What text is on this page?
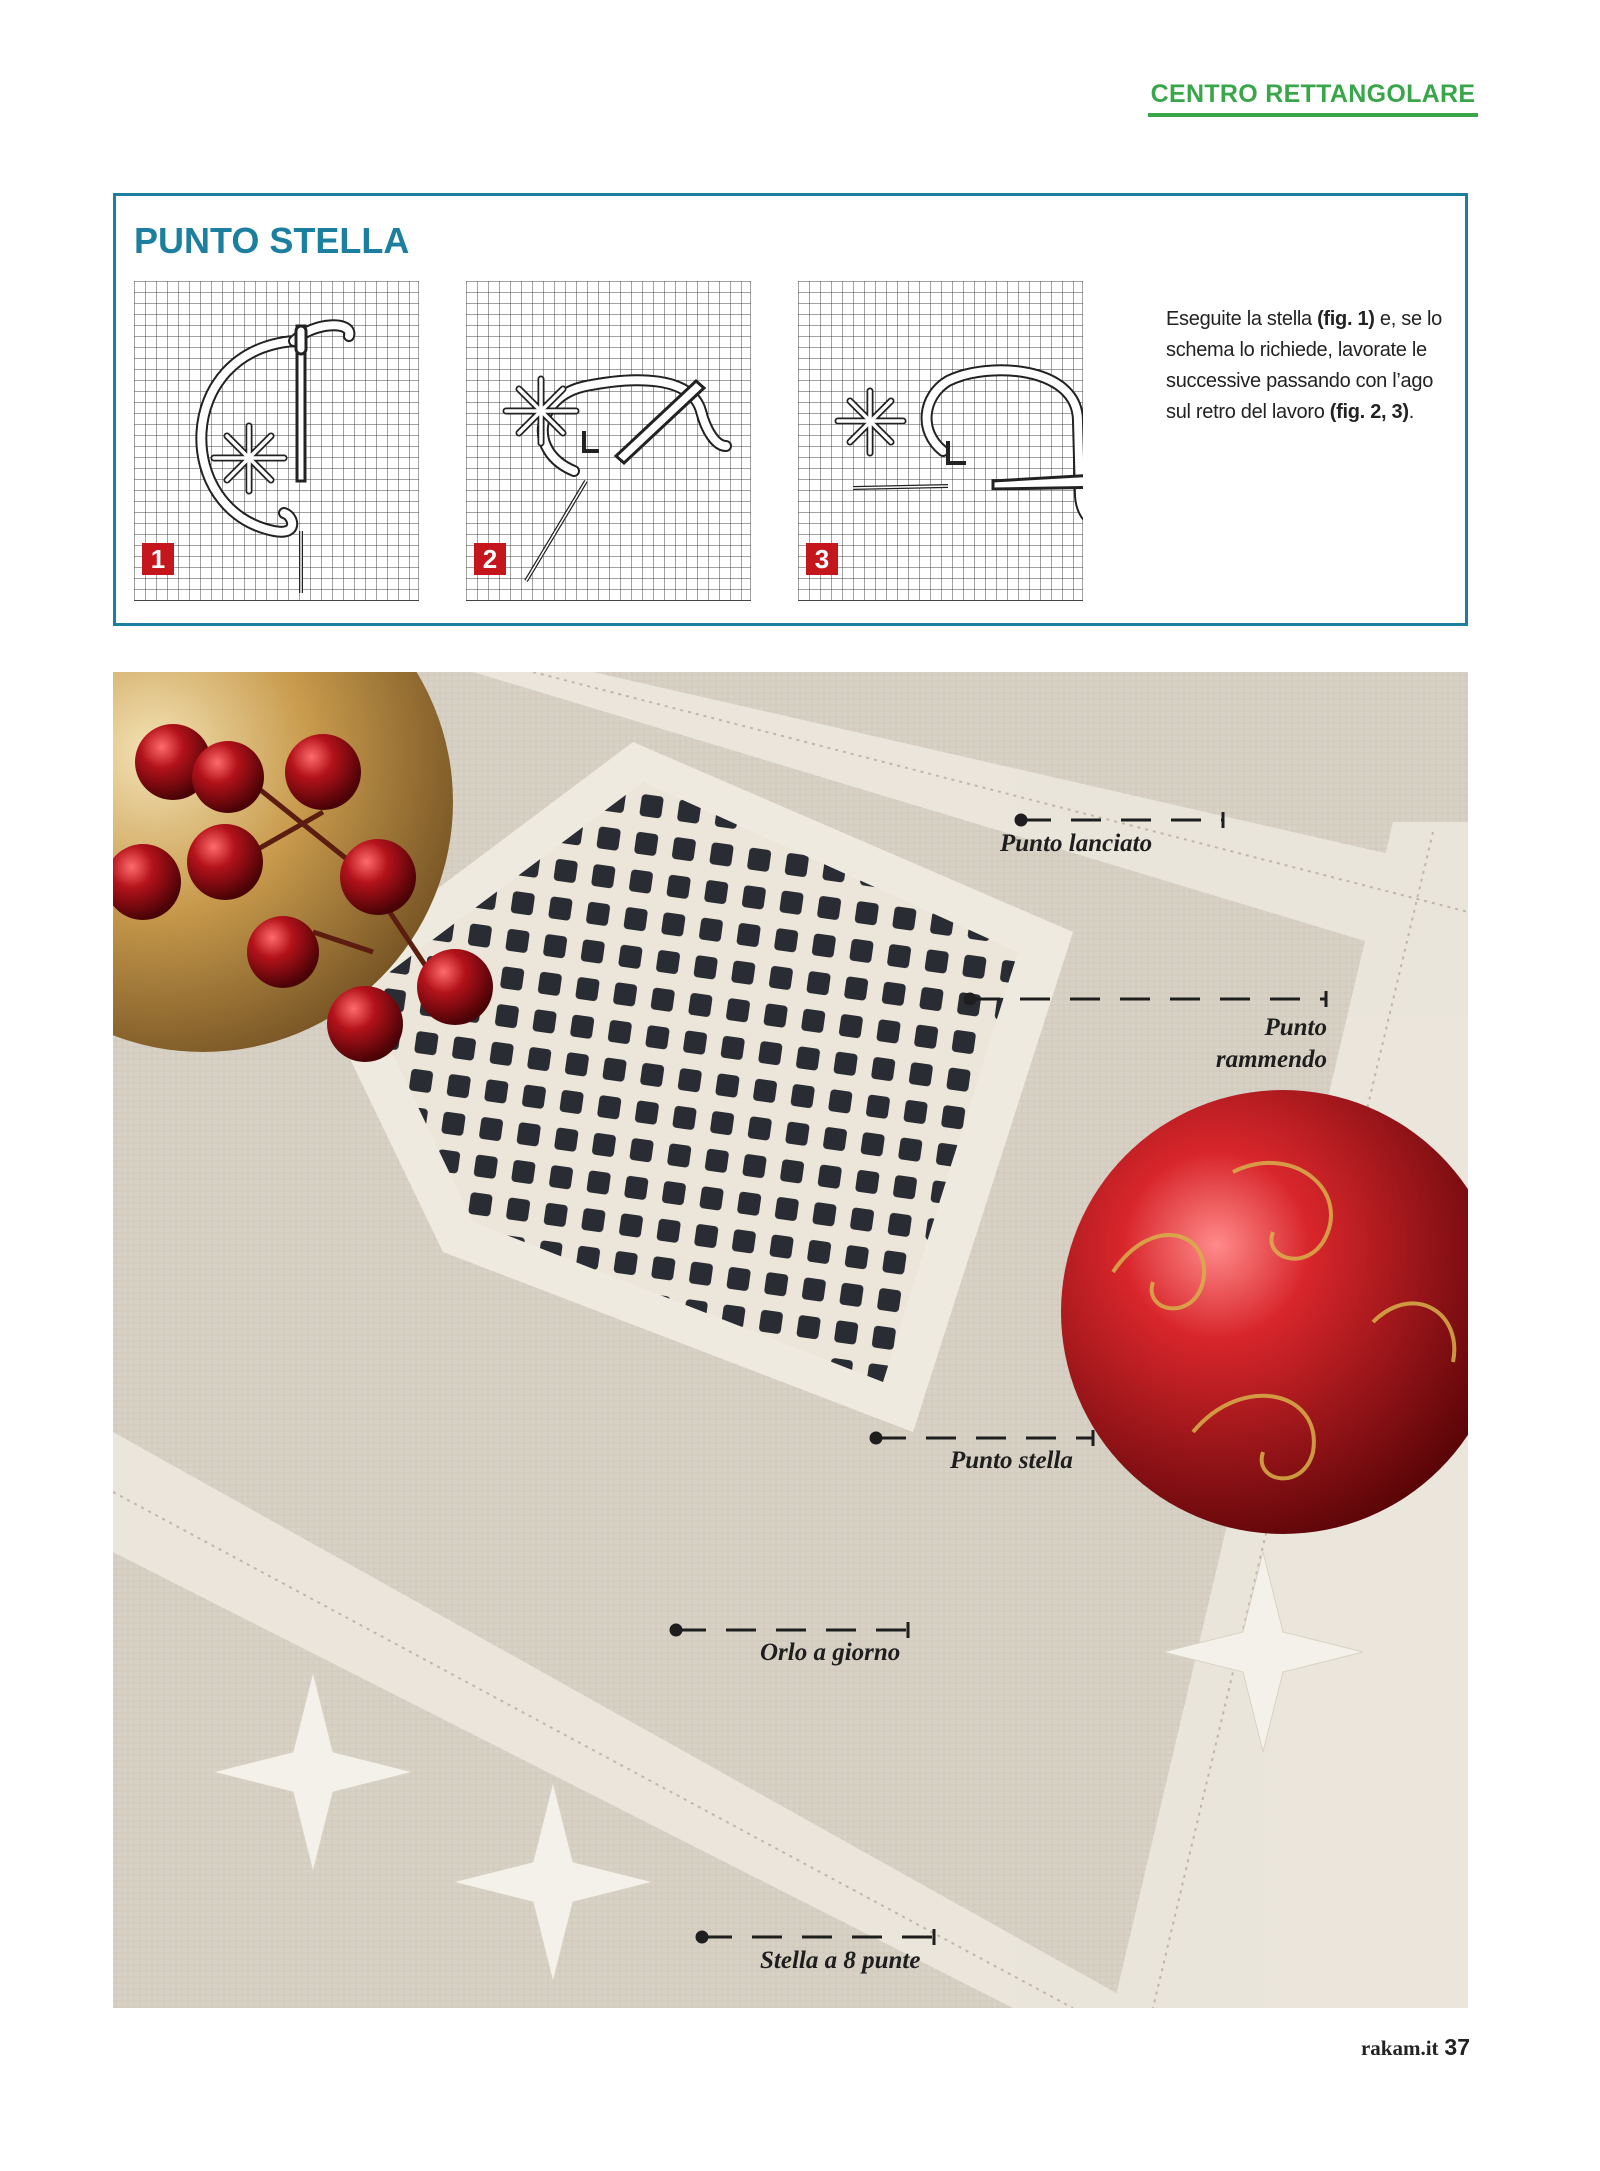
CENTRO RETTANGOLARE
PUNTO STELLA
1	2	3

Eseguite la stella (fig. 1) e, se lo schema lo richiede, lavorate le successive passando con l’ago sul retro del lavoro (fig. 2, 3).

Punto lanciato
Punto
rammendo
Punto stella
Orlo a giorno
Stella a 8 punte
rakam.it 37
